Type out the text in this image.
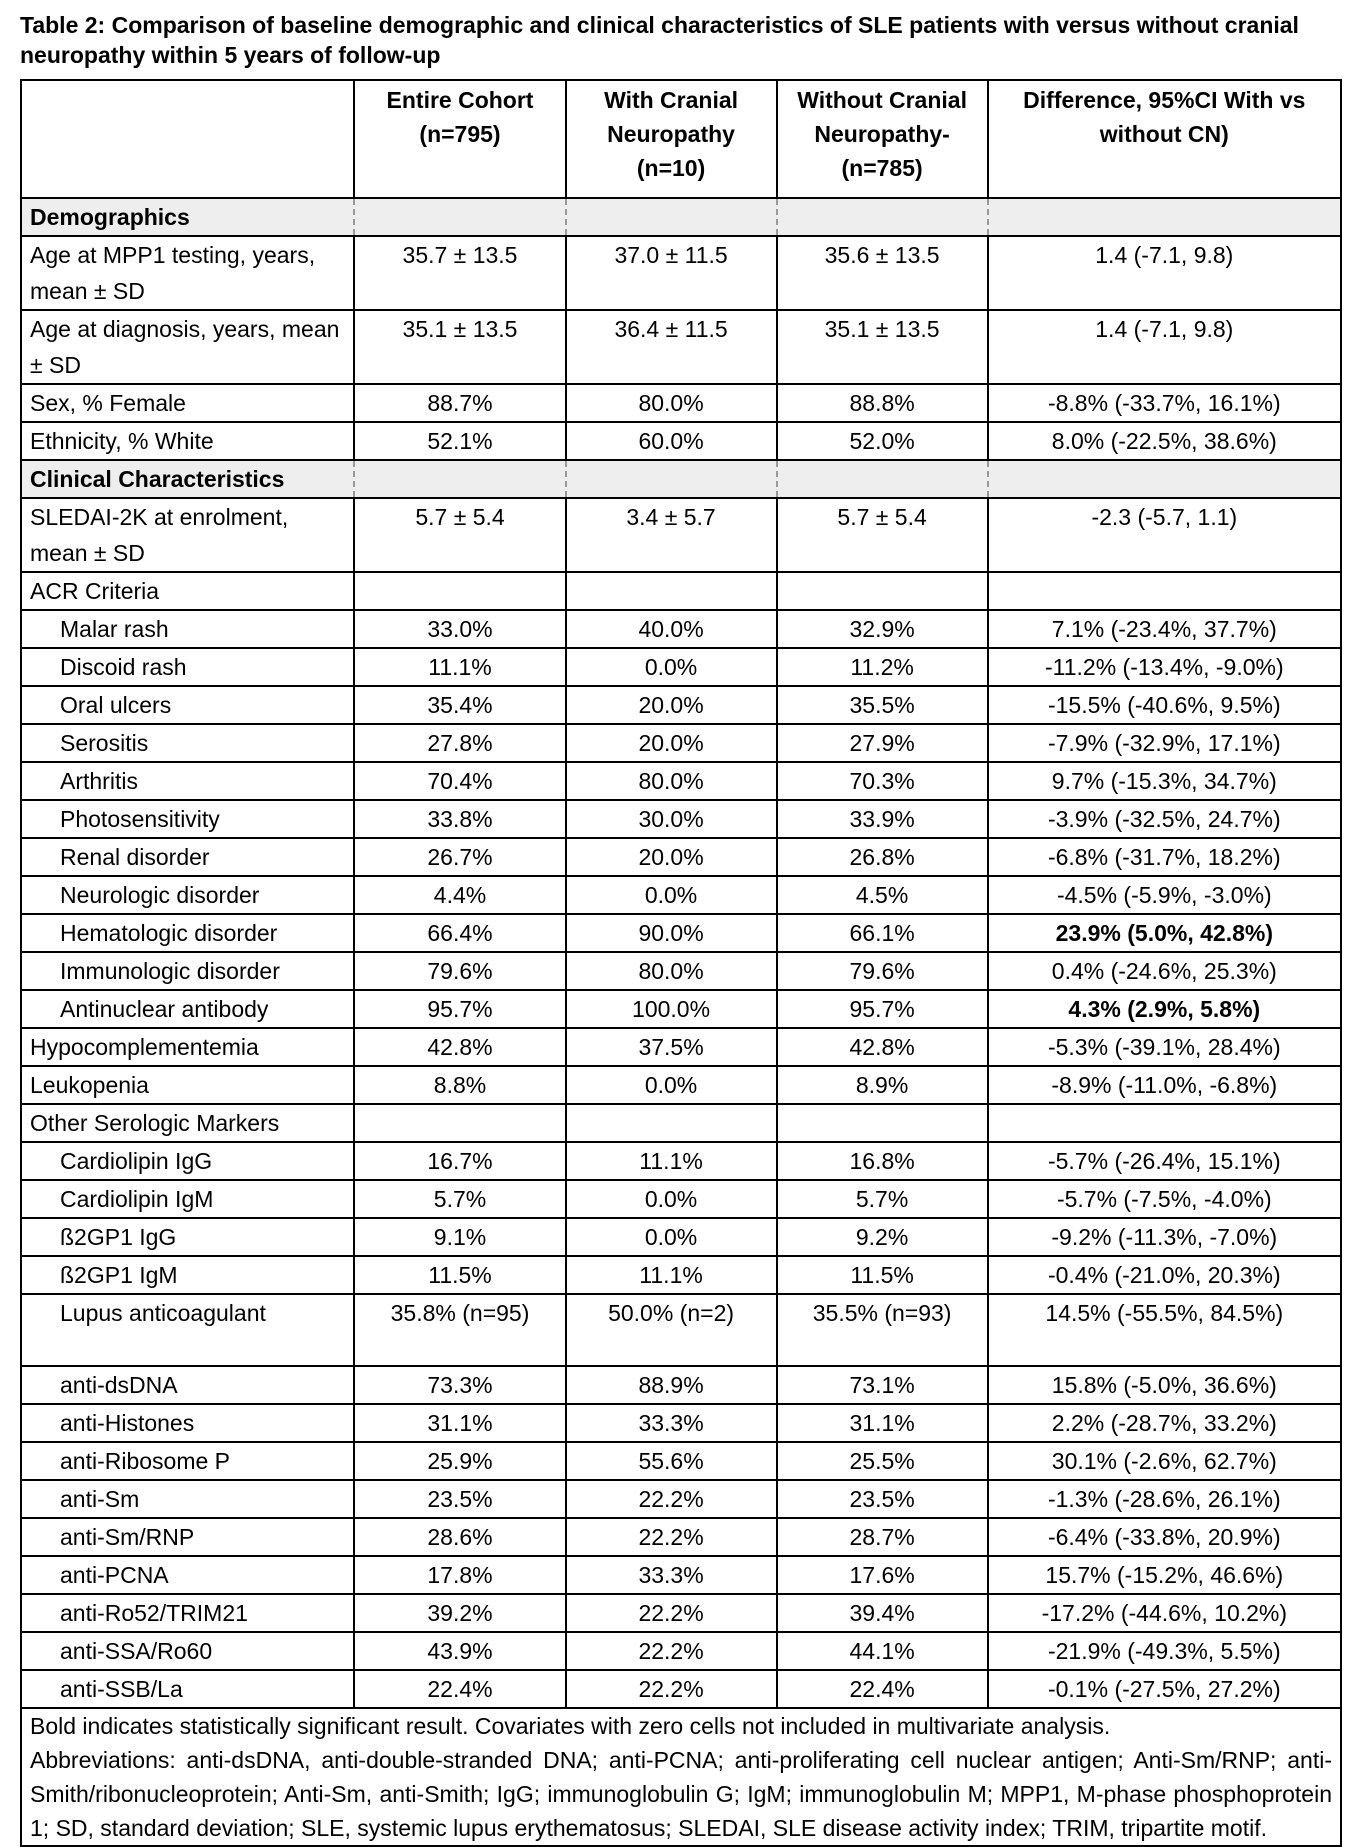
Table 2: Comparison of baseline demographic and clinical characteristics of SLE patients with versus without cranial neuropathy within 5 years of follow-up
	Entire Cohort (n=795)	With Cranial Neuropathy (n=10)	Without Cranial Neuropathy- (n=785)	Difference, 95%CI With vs without CN)
Demographics				
Age at MPP1 testing, years, mean ± SD	35.7 ± 13.5	37.0 ± 11.5	35.6 ± 13.5	1.4 (-7.1, 9.8)
Age at diagnosis, years, mean ± SD	35.1 ± 13.5	36.4 ± 11.5	35.1 ± 13.5	1.4 (-7.1, 9.8)
Sex, % Female	88.7%	80.0%	88.8%	-8.8% (-33.7%, 16.1%)
Ethnicity, % White	52.1%	60.0%	52.0%	8.0% (-22.5%, 38.6%)
Clinical Characteristics				
SLEDAI-2K at enrolment, mean ± SD	5.7 ± 5.4	3.4 ± 5.7	5.7 ± 5.4	-2.3 (-5.7, 1.1)
ACR Criteria				
Malar rash	33.0%	40.0%	32.9%	7.1% (-23.4%, 37.7%)
Discoid rash	11.1%	0.0%	11.2%	-11.2% (-13.4%, -9.0%)
Oral ulcers	35.4%	20.0%	35.5%	-15.5% (-40.6%, 9.5%)
Serositis	27.8%	20.0%	27.9%	-7.9% (-32.9%, 17.1%)
Arthritis	70.4%	80.0%	70.3%	9.7% (-15.3%, 34.7%)
Photosensitivity	33.8%	30.0%	33.9%	-3.9% (-32.5%, 24.7%)
Renal disorder	26.7%	20.0%	26.8%	-6.8% (-31.7%, 18.2%)
Neurologic disorder	4.4%	0.0%	4.5%	-4.5% (-5.9%, -3.0%)
Hematologic disorder	66.4%	90.0%	66.1%	23.9% (5.0%, 42.8%)
Immunologic disorder	79.6%	80.0%	79.6%	0.4% (-24.6%, 25.3%)
Antinuclear antibody	95.7%	100.0%	95.7%	4.3% (2.9%, 5.8%)
Hypocomplementemia	42.8%	37.5%	42.8%	-5.3% (-39.1%, 28.4%)
Leukopenia	8.8%	0.0%	8.9%	-8.9% (-11.0%, -6.8%)
Other Serologic Markers				
Cardiolipin IgG	16.7%	11.1%	16.8%	-5.7% (-26.4%, 15.1%)
Cardiolipin IgM	5.7%	0.0%	5.7%	-5.7% (-7.5%, -4.0%)
ß2GP1 IgG	9.1%	0.0%	9.2%	-9.2% (-11.3%, -7.0%)
ß2GP1 IgM	11.5%	11.1%	11.5%	-0.4% (-21.0%, 20.3%)
Lupus anticoagulant	35.8% (n=95)	50.0% (n=2)	35.5% (n=93)	14.5% (-55.5%, 84.5%)
anti-dsDNA	73.3%	88.9%	73.1%	15.8% (-5.0%, 36.6%)
anti-Histones	31.1%	33.3%	31.1%	2.2% (-28.7%, 33.2%)
anti-Ribosome P	25.9%	55.6%	25.5%	30.1% (-2.6%, 62.7%)
anti-Sm	23.5%	22.2%	23.5%	-1.3% (-28.6%, 26.1%)
anti-Sm/RNP	28.6%	22.2%	28.7%	-6.4% (-33.8%, 20.9%)
anti-PCNA	17.8%	33.3%	17.6%	15.7% (-15.2%, 46.6%)
anti-Ro52/TRIM21	39.2%	22.2%	39.4%	-17.2% (-44.6%, 10.2%)
anti-SSA/Ro60	43.9%	22.2%	44.1%	-21.9% (-49.3%, 5.5%)
anti-SSB/La	22.4%	22.2%	22.4%	-0.1% (-27.5%, 27.2%)

Bold indicates statistically significant result. Covariates with zero cells not included in multivariate analysis.

Abbreviations: anti-dsDNA, anti-double-stranded DNA; anti-PCNA; anti-proliferating cell nuclear antigen; Anti-Sm/RNP; anti-Smith/ribonucleoprotein; Anti-Sm, anti-Smith; IgG; immunoglobulin G; IgM; immunoglobulin M; MPP1, M-phase phosphoprotein 1; SD, standard deviation; SLE, systemic lupus erythematosus; SLEDAI, SLE disease activity index; TRIM, tripartite motif.				
